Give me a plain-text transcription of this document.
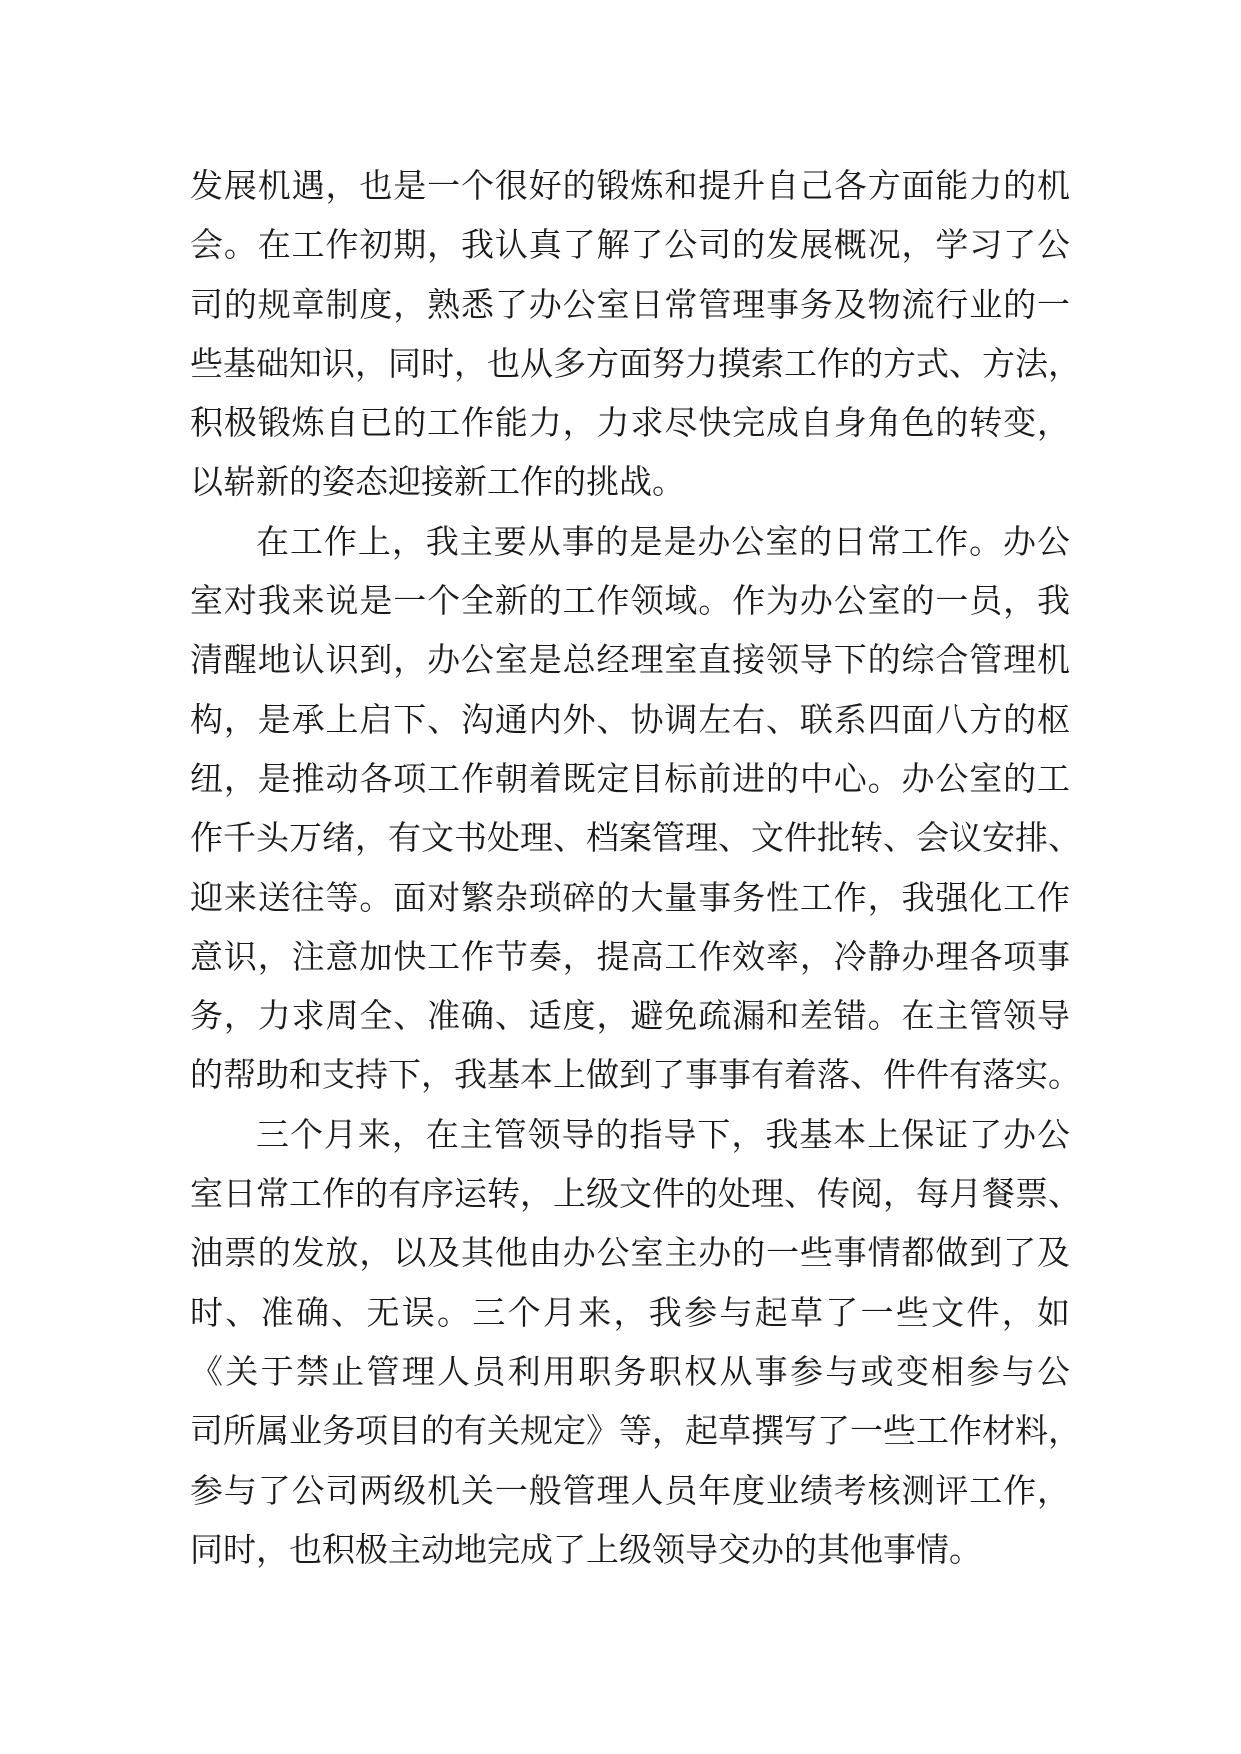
发展机遇，也是一个很好的锻炼和提升自己各方面能力的机
会。在工作初期，我认真了解了公司的发展概况，学习了公
司的规章制度，熟悉了办公室日常管理事务及物流行业的一
些基础知识，同时，也从多方面努力摸索工作的方式、方法，
积极锻炼自已的工作能力，力求尽快完成自身角色的转变，
以崭新的姿态迎接新工作的挑战。
在工作上，我主要从事的是是办公室的日常工作。办公
室对我来说是一个全新的工作领域。作为办公室的一员，我
清醒地认识到，办公室是总经理室直接领导下的综合管理机
构，是承上启下、沟通内外、协调左右、联系四面八方的枢
纽，是推动各项工作朝着既定目标前进的中心。办公室的工
作千头万绪，有文书处理、档案管理、文件批转、会议安排、
迎来送往等。面对繁杂琐碎的大量事务性工作，我强化工作
意识，注意加快工作节奏，提高工作效率，冷静办理各项事
务，力求周全、准确、适度，避免疏漏和差错。在主管领导
的帮助和支持下，我基本上做到了事事有着落、件件有落实。
三个月来，在主管领导的指导下，我基本上保证了办公
室日常工作的有序运转，上级文件的处理、传阅，每月餐票、
油票的发放，以及其他由办公室主办的一些事情都做到了及
时、准确、无误。三个月来，我参与起草了一些文件，如
《关于禁止管理人员利用职务职权从事参与或变相参与公
司所属业务项目的有关规定》等，起草撰写了一些工作材料，
参与了公司两级机关一般管理人员年度业绩考核测评工作，
同时，也积极主动地完成了上级领导交办的其他事情。
